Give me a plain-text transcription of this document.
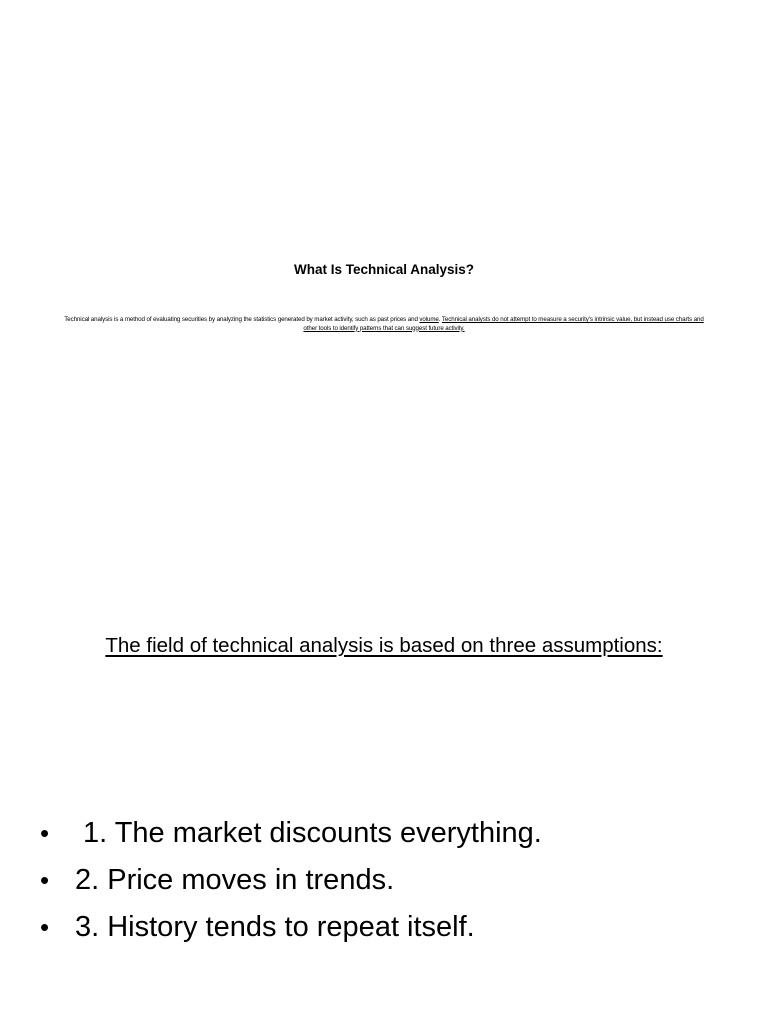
What Is Technical Analysis?
Technical analysis is a method of evaluating securities by analyzing the statistics generated by market activity, such as past prices and volume. Technical analysts do not attempt to measure a security's intrinsic value, but instead use charts and other tools to identify patterns that can suggest future activity.
The field of technical analysis is based on three assumptions:
• 1. The market discounts everything.
• 2. Price moves in trends.
• 3. History tends to repeat itself.
